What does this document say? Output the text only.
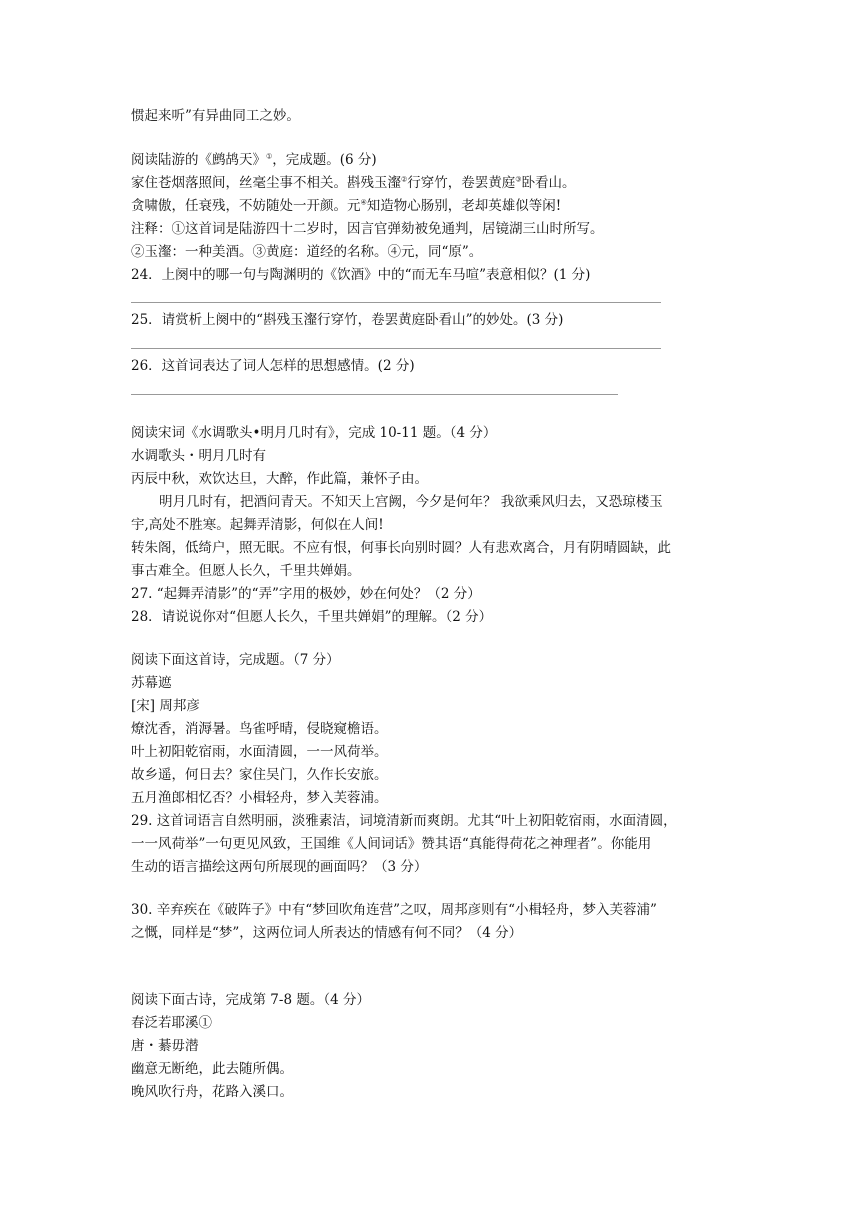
惯起来听”有异曲同工之妙。
阅读陆游的《鹧鸪天》①，完成题。(6 分)
家住苍烟落照间，丝毫尘事不相关。斟残玉瀣②行穿竹，卷罢黄庭③卧看山。
贪啸傲，任衰残，不妨随处一开颜。元④知造物心肠别，老却英雄似等闲!
注释：①这首词是陆游四十二岁时，因言官弹劾被免通判，居镜湖三山时所写。
②玉瀣：一种美酒。③黄庭：道经的名称。④元，同“原”。
24．上阕中的哪一句与陶渊明的《饮酒》中的“而无车马喧”表意相似？(1 分)
25．请赏析上阕中的“斟残玉瀣行穿竹，卷罢黄庭卧看山”的妙处。(3 分)
26．这首词表达了词人怎样的思想感情。(2 分)
阅读宋词《水调歌头•明月几时有》，完成 10-11 题。（4 分）
水调歌头・明月几时有
丙辰中秋，欢饮达旦，大醉，作此篇，兼怀子由。
明月几时有，把酒问青天。不知天上宫阙，今夕是何年？ 我欲乘风归去，又恐琼楼玉
宇,高处不胜寒。起舞弄清影，何似在人间!
转朱阁，低绮户，照无眠。不应有恨，何事长向别时圆？人有悲欢离合，月有阴晴圆缺，此
事古难全。但愿人长久，千里共婵娟。
27. “起舞弄清影”的“弄”字用的极妙，妙在何处？（2 分）
28．请说说你对“但愿人长久，千里共婵娟”的理解。（2 分）
阅读下面这首诗，完成题。（7 分）
苏幕遮
[宋] 周邦彦
燎沈香，消溽暑。鸟雀呼晴，侵晓窥檐语。
叶上初阳乾宿雨，水面清圆，一一风荷举。
故乡遥，何日去？家住吴门，久作长安旅。
五月渔郎相忆否？小楫轻舟，梦入芙蓉浦。
29. 这首词语言自然明丽，淡雅素洁，词境清新而爽朗。尤其“叶上初阳乾宿雨，水面清圆，
一一风荷举”一句更见风致，王国维《人间词话》赞其语“真能得荷花之神理者”。你能用
生动的语言描绘这两句所展现的画面吗？（3 分）
30. 辛弃疾在《破阵子》中有“梦回吹角连营”之叹，周邦彦则有“小楫轻舟，梦入芙蓉浦”
之慨，同样是“梦”，这两位词人所表达的情感有何不同？（4 分）
阅读下面古诗，完成第 7-8 题。（4 分）
春泛若耶溪①
唐・綦毋潜
幽意无断绝，此去随所偶。
晚风吹行舟，花路入溪口。
